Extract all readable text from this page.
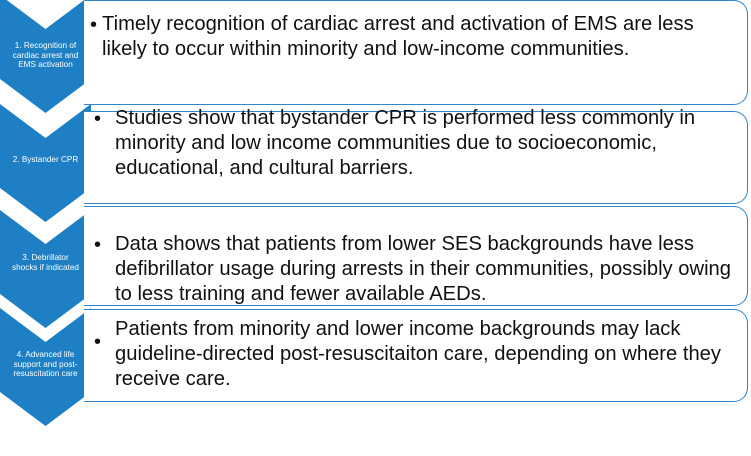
1. Recognition of
cardiac arrest and
EMS activation
• Timely recognition of cardiac arrest and activation of EMS are less likely to occur within minority and low-income communities.
2. Bystander CPR
• Studies show that bystander CPR is performed less commonly in minority and low income communities due to socioeconomic, educational, and cultural barriers.
3. Debrillator
shocks if indicated
• Data shows that patients from lower SES backgrounds have less defibrillator usage during arrests in their communities, possibly owing to less training and fewer available AEDs.
4. Advanced life
support and post-
resuscitation care
•
Patients from minority and lower income backgrounds may lack guideline-directed post-resuscitaiton care, depending on where they receive care.
